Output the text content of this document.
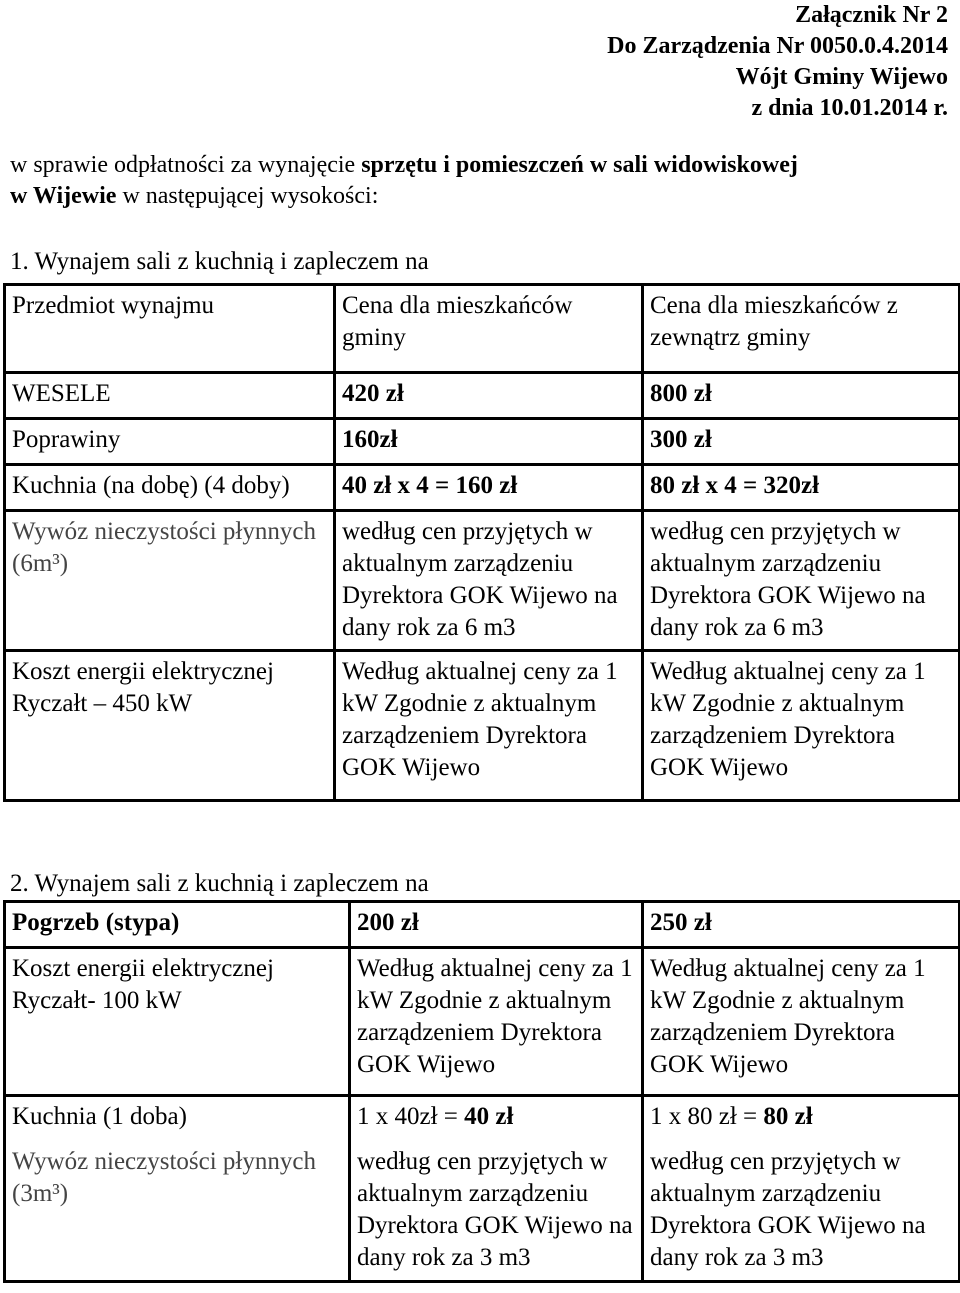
Załącznik Nr 2
Do Zarządzenia Nr 0050.0.4.2014
Wójt Gminy Wijewo
z dnia 10.01.2014 r.
w sprawie odpłatności za wynajęcie sprzętu i pomieszczeń w sali widowiskowej
w Wijewie w następującej wysokości:
1. Wynajem sali z kuchnią i zapleczem na
Przedmiot wynajmu	Cena dla mieszkańców gminy	Cena dla mieszkańców z zewnątrz gminy
WESELE	420 zł	800 zł
Poprawiny	160zł	300 zł
Kuchnia (na dobę) (4 doby)	40 zł x 4 = 160 zł	80 zł x 4 = 320zł
Wywóz nieczystości płynnych (6m³)	według cen przyjętych w aktualnym zarządzeniu Dyrektora GOK Wijewo na dany rok za 6 m3	według cen przyjętych w aktualnym zarządzeniu Dyrektora GOK Wijewo na dany rok za 6 m3

Koszt energii elektrycznej
Ryczałt – 450 kW	Według aktualnej ceny za 1 kW Zgodnie z aktualnym zarządzeniem Dyrektora GOK Wijewo	Według aktualnej ceny za 1 kW Zgodnie z aktualnym zarządzeniem Dyrektora GOK Wijewo
2. Wynajem sali z kuchnią i zapleczem na
Pogrzeb (stypa)	200 zł	250 zł

Koszt energii elektrycznej
Ryczałt- 100 kW	Według aktualnej ceny za 1 kW Zgodnie z aktualnym zarządzeniem Dyrektora GOK Wijewo	Według aktualnej ceny za 1 kW Zgodnie z aktualnym zarządzeniem Dyrektora GOK Wijewo
Kuchnia (1 doba)	1 x 40zł = 40 zł	1 x 80 zł = 80 zł
Wywóz nieczystości płynnych (3m³)	według cen przyjętych w aktualnym zarządzeniu Dyrektora GOK Wijewo na dany rok za 3 m3	według cen przyjętych w aktualnym zarządzeniu Dyrektora GOK Wijewo na dany rok za 3 m3
